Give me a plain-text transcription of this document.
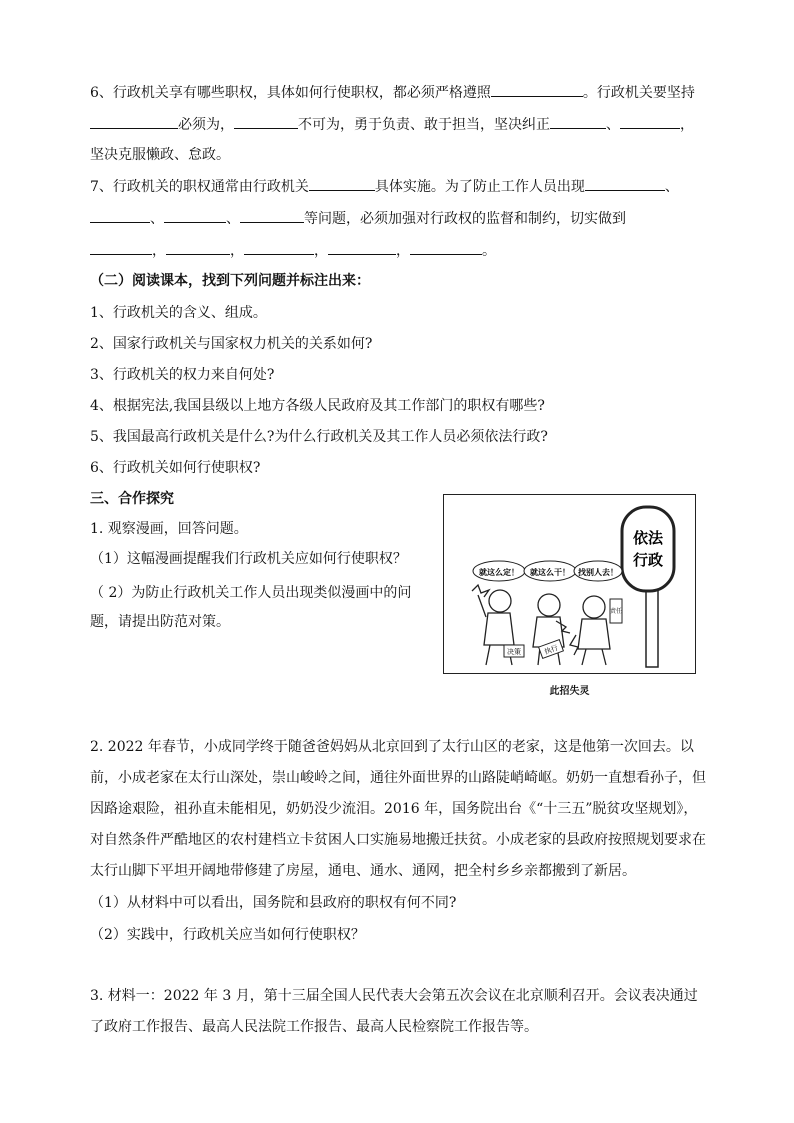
6、行政机关享有哪些职权，具体如何行使职权，都必须严格遵照	。行政机关要坚持
必须为，	不可为，勇于负责、敢于担当，坚决纠正	、	，
坚决克服懒政、怠政。
7、行政机关的职权通常由行政机关	具体实施。为了防止工作人员出现	、
、	、	等问题，必须加强对行政权的监督和制约，切实做到
，	，	，	，	。
（二）阅读课本，找到下列问题并标注出来：
1、行政机关的含义、组成。
2、国家行政机关与国家权力机关的关系如何?
3、行政机关的权力来自何处?
4、根据宪法,我国县级以上地方各级人民政府及其工作部门的职权有哪些?
5、我国最高行政机关是什么?为什么行政机关及其工作人员必须依法行政?
6、行政机关如何行使职权?
三、合作探究
1. 观察漫画，回答问题。
（1）这幅漫画提醒我们行政机关应如何行使职权？
（ 2）为防止行政机关工作人员出现类似漫画中的问
题，请提出防范对策。
依法
行政
就这么定！ 就这么干！ 找别人去！
决策	执行
责任
此招失灵
2. 2022 年春节，小成同学终于随爸爸妈妈从北京回到了太行山区的老家，这是他第一次回去。以
前，小成老家在太行山深处，崇山峻岭之间，通往外面世界的山路陡峭崎岖。奶奶一直想看孙子，但
因路途艰险，祖孙直未能相见，奶奶没少流泪。2016 年，国务院出台《“十三五”脱贫攻坚规划》，
对自然条件严酷地区的农村建档立卡贫困人口实施易地搬迁扶贫。小成老家的县政府按照规划要求在
太行山脚下平坦开阔地带修建了房屋，通电、通水、通网，把全村乡乡亲都搬到了新居。
（1）从材料中可以看出，国务院和县政府的职权有何不同?
（2）实践中，行政机关应当如何行使职权？
3. 材料一：2022 年 3 月，第十三届全国人民代表大会第五次会议在北京顺利召开。会议表决通过
了政府工作报告、最高人民法院工作报告、最高人民检察院工作报告等。
